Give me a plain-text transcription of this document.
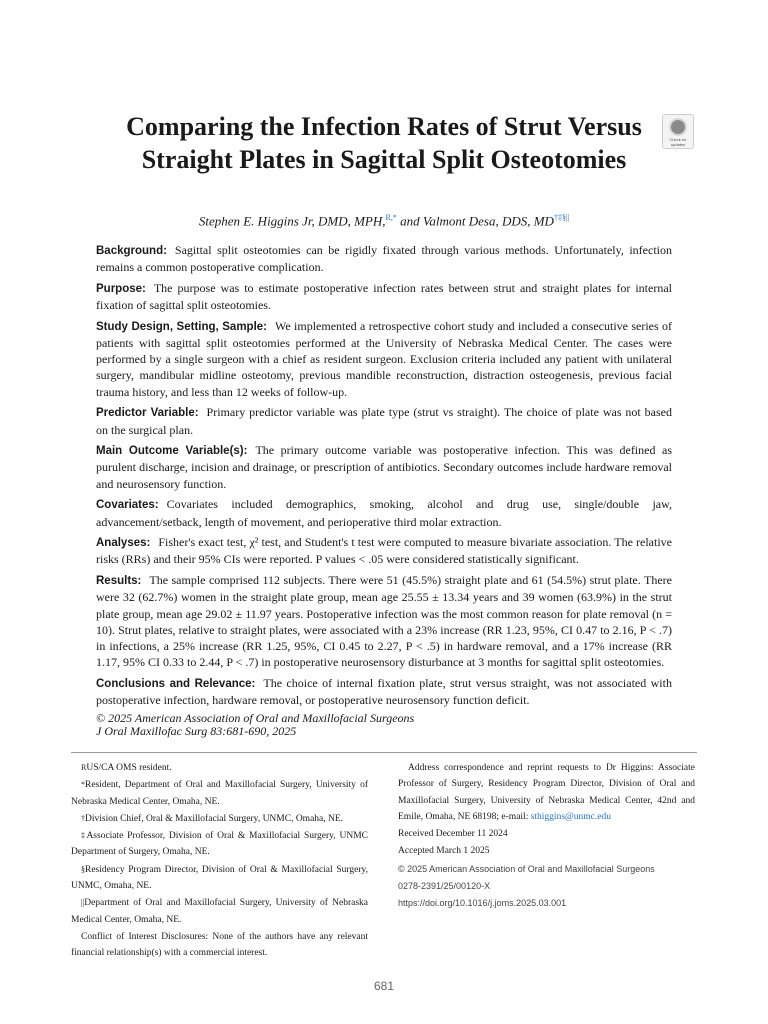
Comparing the Infection Rates of Strut Versus Straight Plates in Sagittal Split Osteotomies
Check for updates

Stephen E. Higgins Jr, DMD, MPH,$^{R,*}$ and Valmont Desa, DDS, MD†‡§||

Background: Sagittal split osteotomies can be rigidly fixated through various methods. Unfortunately, infection remains a common postoperative complication.

Purpose: The purpose was to estimate postoperative infection rates between strut and straight plates for internal fixation of sagittal split osteotomies.

Study Design, Setting, Sample: We implemented a retrospective cohort study and included a consecutive series of patients with sagittal split osteotomies performed at the University of Nebraska Medical Center. The cases were performed by a single surgeon with a chief as resident surgeon. Exclusion criteria included any patient with unilateral surgery, mandibular midline osteotomy, previous mandible reconstruction, distraction osteogenesis, previous facial trauma history, and less than 12 weeks of follow-up.

Predictor Variable: Primary predictor variable was plate type (strut vs straight). The choice of plate was not based on the surgical plan.

Main Outcome Variable(s): The primary outcome variable was postoperative infection. This was defined as purulent discharge, incision and drainage, or prescription of antibiotics. Secondary outcomes include hardware removal and neurosensory function.

Covariates: Covariates included demographics, smoking, alcohol and drug use, single/double jaw, advancement/setback, length of movement, and perioperative third molar extraction.

Analyses: Fisher's exact test, χ² test, and Student's t test were computed to measure bivariate association. The relative risks (RRs) and their 95% CIs were reported. P values < .05 were considered statistically significant.

Results: The sample comprised 112 subjects. There were 51 (45.5%) straight plate and 61 (54.5%) strut plate. There were 32 (62.7%) women in the straight plate group, mean age 25.55 ± 13.34 years and 39 women (63.9%) in the strut plate group, mean age 29.02 ± 11.97 years. Postoperative infection was the most common reason for plate removal (n = 10). Strut plates, relative to straight plates, were associated with a 23% increase (RR 1.23, 95%, CI 0.47 to 2.16, P < .7) in infections, a 25% increase (RR 1.25, 95%, CI 0.45 to 2.27, P < .5) in hardware removal, and a 17% increase (RR 1.17, 95% CI 0.33 to 2.44, P < .7) in postoperative neurosensory disturbance at 3 months for sagittal split osteotomies.

Conclusions and Relevance: The choice of internal fixation plate, strut versus straight, was not associated with postoperative infection, hardware removal, or postoperative neurosensory function deficit.

© 2025 American Association of Oral and Maxillofacial Surgeons

J Oral Maxillofac Surg 83:681-690, 2025

RUS/CA OMS resident.

*Resident, Department of Oral and Maxillofacial Surgery, University of Nebraska Medical Center, Omaha, NE.

†Division Chief, Oral & Maxillofacial Surgery, UNMC, Omaha, NE.

‡Associate Professor, Division of Oral & Maxillofacial Surgery, UNMC Department of Surgery, Omaha, NE.

§Residency Program Director, Division of Oral & Maxillofacial Surgery, UNMC, Omaha, NE.

||Department of Oral and Maxillofacial Surgery, University of Nebraska Medical Center, Omaha, NE.

Conflict of Interest Disclosures: None of the authors have any relevant financial relationship(s) with a commercial interest.

Address correspondence and reprint requests to Dr Higgins: Associate Professor of Surgery, Residency Program Director, Division of Oral and Maxillofacial Surgery, University of Nebraska Medical Center, 42nd and Emile, Omaha, NE 68198; e-mail: sthiggins@unmc.edu

Received December 11 2024

Accepted March 1 2025

© 2025 American Association of Oral and Maxillofacial Surgeons

0278-2391/25/00120-X

https://doi.org/10.1016/j.joms.2025.03.001

681
